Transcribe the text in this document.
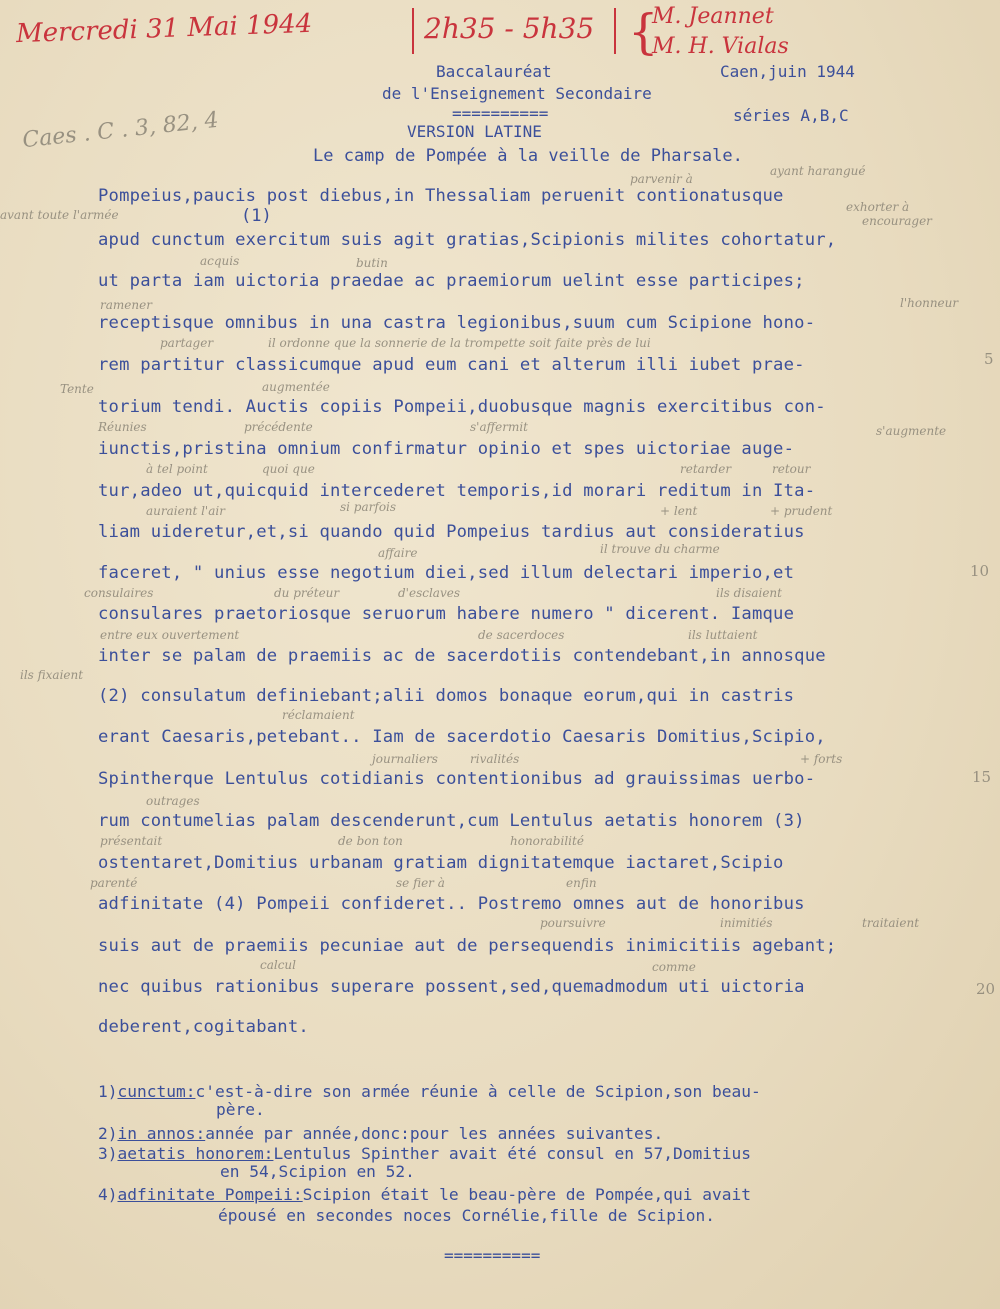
Mercredi 31 Mai 1944	2h35 - 5h35 {
M. Jeannet
M. H. Vialas
Caes . C . 3, 82, 4
Baccalauréat	Caen,juin 1944
de l'Enseignement Secondaire
==========	séries A,B,C
VERSION LATINE
Le camp de Pompée à la veille de Pharsale.
Pompeius,paucis post diebus,in Thessaliam peruenit contionatusque
(1)
apud cunctum exercitum suis agit gratias,Scipionis milites cohortatur,
ut parta iam uictoria praedae ac praemiorum uelint esse participes;
receptisque omnibus in una castra legionibus,suum cum Scipione hono-
rem partitur classicumque apud eum cani et alterum illi iubet prae-
torium tendi. Auctis copiis Pompeii,duobusque magnis exercitibus con-
iunctis,pristina omnium confirmatur opinio et spes uictoriae auge-
tur,adeo ut,quicquid intercederet temporis,id morari reditum in Ita-
liam uideretur,et,si quando quid Pompeius tardius aut consideratius
faceret, " unius esse negotium diei,sed illum delectari imperio,et
consulares praetoriosque seruorum habere numero " dicerent. Iamque
inter se palam de praemiis ac de sacerdotiis contendebant,in annosque
(2) consulatum definiebant;alii domos bonaque eorum,qui in castris
erant Caesaris,petebant.. Iam de sacerdotio Caesaris Domitius,Scipio,
Spintherque Lentulus cotidianis contentionibus ad grauissimas uerbo-
rum contumelias palam descenderunt,cum Lentulus aetatis honorem (3)
ostentaret,Domitius urbanam gratiam dignitatemque iactaret,Scipio
adfinitate (4) Pompeii confideret.. Postremo omnes aut de honoribus
suis aut de praemiis pecuniae aut de persequendis inimicitiis agebant;
nec quibus rationibus superare possent,sed,quemadmodum uti uictoria
deberent,cogitabant.
parvenir à
ayant harangué
avant toute l'armée
exhorter à
encourager
acquis	butin
ramener	l'honneur
partager	il ordonne que la sonnerie de la trompette soit faite près de lui
Tente	augmentée
Réunies	précédente	s'affermit	s'augmente
à tel point	quoi que	retarder	retour
auraient l'air	si parfois	+ lent	+ prudent
affaire	il trouve du charme
consulaires	du préteur	d'esclaves	ils disaient
entre eux ouvertement	de sacerdoces	ils luttaient
ils fixaient
réclamaient
journaliers	rivalités	+ forts
outrages
présentait	de bon ton	honorabilité
parenté	se fier à	enfin
poursuivre	inimitiés	traitaient
calcul	comme
5
10
15
20
1)cunctum:c'est-à-dire son armée réunie à celle de Scipion,son beau-
père.
2)in annos:année par année,donc:pour les années suivantes.
3)aetatis honorem:Lentulus Spinther avait été consul en 57,Domitius
en 54,Scipion en 52.
4)adfinitate Pompeii:Scipion était le beau-père de Pompée,qui avait
épousé en secondes noces Cornélie,fille de Scipion.
==========
